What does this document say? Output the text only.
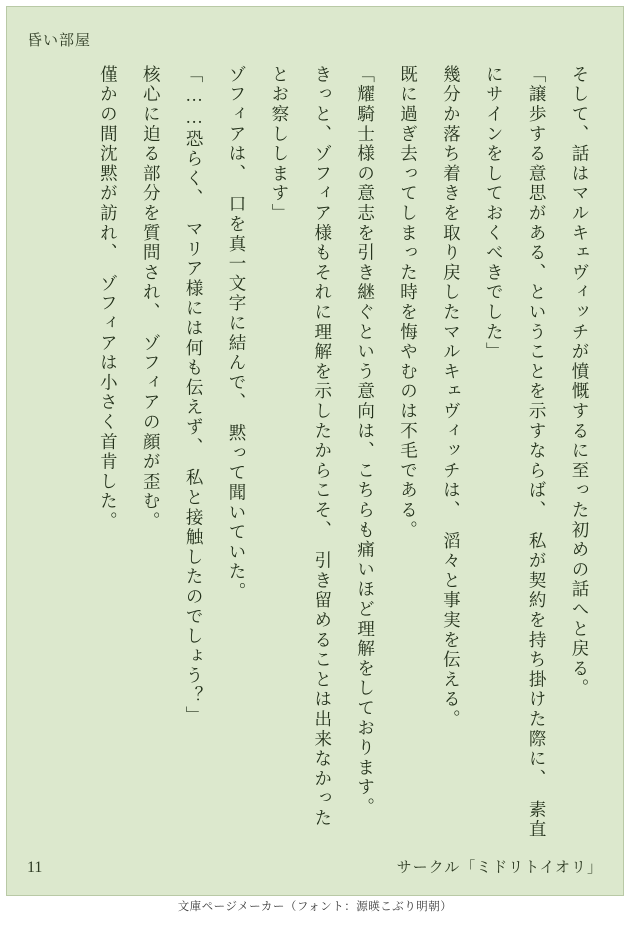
昏い部屋

そして、話はマルキェヴィッチが憤慨するに至った初めの話へと戻る。

「譲歩する意思がある、ということを示すならば、　私が契約を持ち掛けた際に、　素直にサインをしておくべきでした」

幾分か落ち着きを取り戻したマルキェヴィッチは、　滔々と事実を伝える。

既に過ぎ去ってしまった時を悔やむのは不毛である。

「耀騎士様の意志を引き継ぐという意向は、こちらも痛いほど理解をしております。

きっと、ゾフィア様もそれに理解を示したからこそ、　引き留めることは出来なかったとお察しします」

ゾフィアは、　口を真一文字に結んで、　黙って聞いていた。

「……恐らく、　マリア様には何も伝えず、　私と接触したのでしょう？」

核心に迫る部分を質問され、　ゾフィアの顔が歪む。

僅かの間沈黙が訪れ、　ゾフィアは小さく首肯した。

11	サークル「ミドリトイオリ」
文庫ページメーカー（フォント：源暎こぶり明朝）
